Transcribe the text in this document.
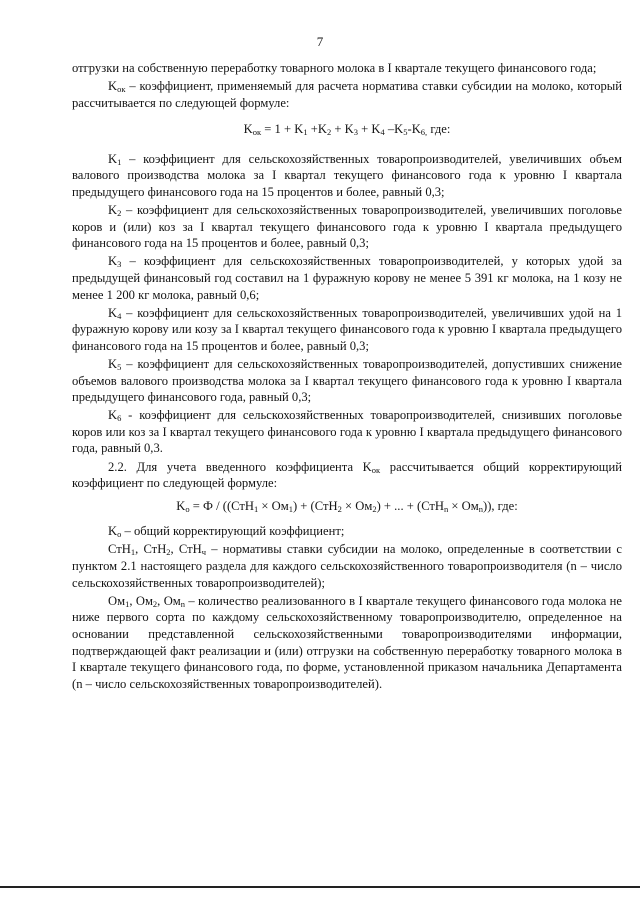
7

отгрузки на собственную переработку товарного молока в I квартале текущего финансового года;

$K_{ок}$ – коэффициент, применяемый для расчета норматива ставки субсидии на молоко, который рассчитывается по следующей формуле:

$K_{ок} = 1 + K_1 +K_2 + K_3 + K_4$ $-K_5-K_{6,}$ где:

$K_1$ – коэффициент для сельскохозяйственных товаропроизводителей, увеличивших объем валового производства молока за I квартал текущего финансового года к уровню I квартала предыдущего финансового года на 15 процентов и более, равный 0,3;

$K_2$ – коэффициент для сельскохозяйственных товаропроизводителей, увеличивших поголовье коров и (или) коз за I квартал текущего финансового года к уровню I квартала предыдущего финансового года на 15 процентов и более, равный 0,3;

$K_3$ – коэффициент для сельскохозяйственных товаропроизводителей, у которых удой за предыдущей финансовый год составил на 1 фуражную корову не менее 5 391 кг молока, на 1 козу не менее 1 200 кг молока, равный 0,6;

$K_4$ – коэффициент для сельскохозяйственных товаропроизводителей, увеличивших удой на 1 фуражную корову или козу за I квартал текущего финансового года к уровню I квартала предыдущего финансового года на 15 процентов и более, равный 0,3;

$K_5$ – коэффициент для сельскохозяйственных товаропроизводителей, допустивших снижение объемов валового производства молока за I квартал текущего финансового года к уровню I квартала предыдущего финансового года, равный 0,3;

$K_6$ - коэффициент для сельскохозяйственных товаропроизводителей, снизивших поголовье коров или коз за I квартал текущего финансового года к уровню I квартала предыдущего финансового года, равный 0,3.

2.2. Для учета введенного коэффициента $K_{ок}$ рассчитывается общий корректирующий коэффициент по следующей формуле:

$K_o = Ф / ((СтН_1 \times Ом_1) + (СтН_2 \times Ом_2)$ + ... + $(СтН_n \times Ом_n)$), где:

$K_o$ – общий корректирующий коэффициент;

СтН$_1$, СтН$_2$, СтН$_ч$ – нормативы ставки субсидии на молоко, определенные в соответствии с пунктом 2.1 настоящего раздела для каждого сельскохозяйственного товаропроизводителя (n – число сельскохозяйственных товаропроизводителей);

$Ом_1$, $Ом_2$, $Ом_n$ – количество реализованного в I квартале текущего финансового года молока не ниже первого сорта по каждому сельскохозяйственному товаропроизводителю, определенное на основании представленной сельскохозяйственными товаропроизводителями информации, подтверждающей факт реализации и (или) отгрузки на собственную переработку товарного молока в I квартале текущего финансового года, по форме, установленной приказом начальника Департамента (n – число сельскохозяйственных товаропроизводителей).
